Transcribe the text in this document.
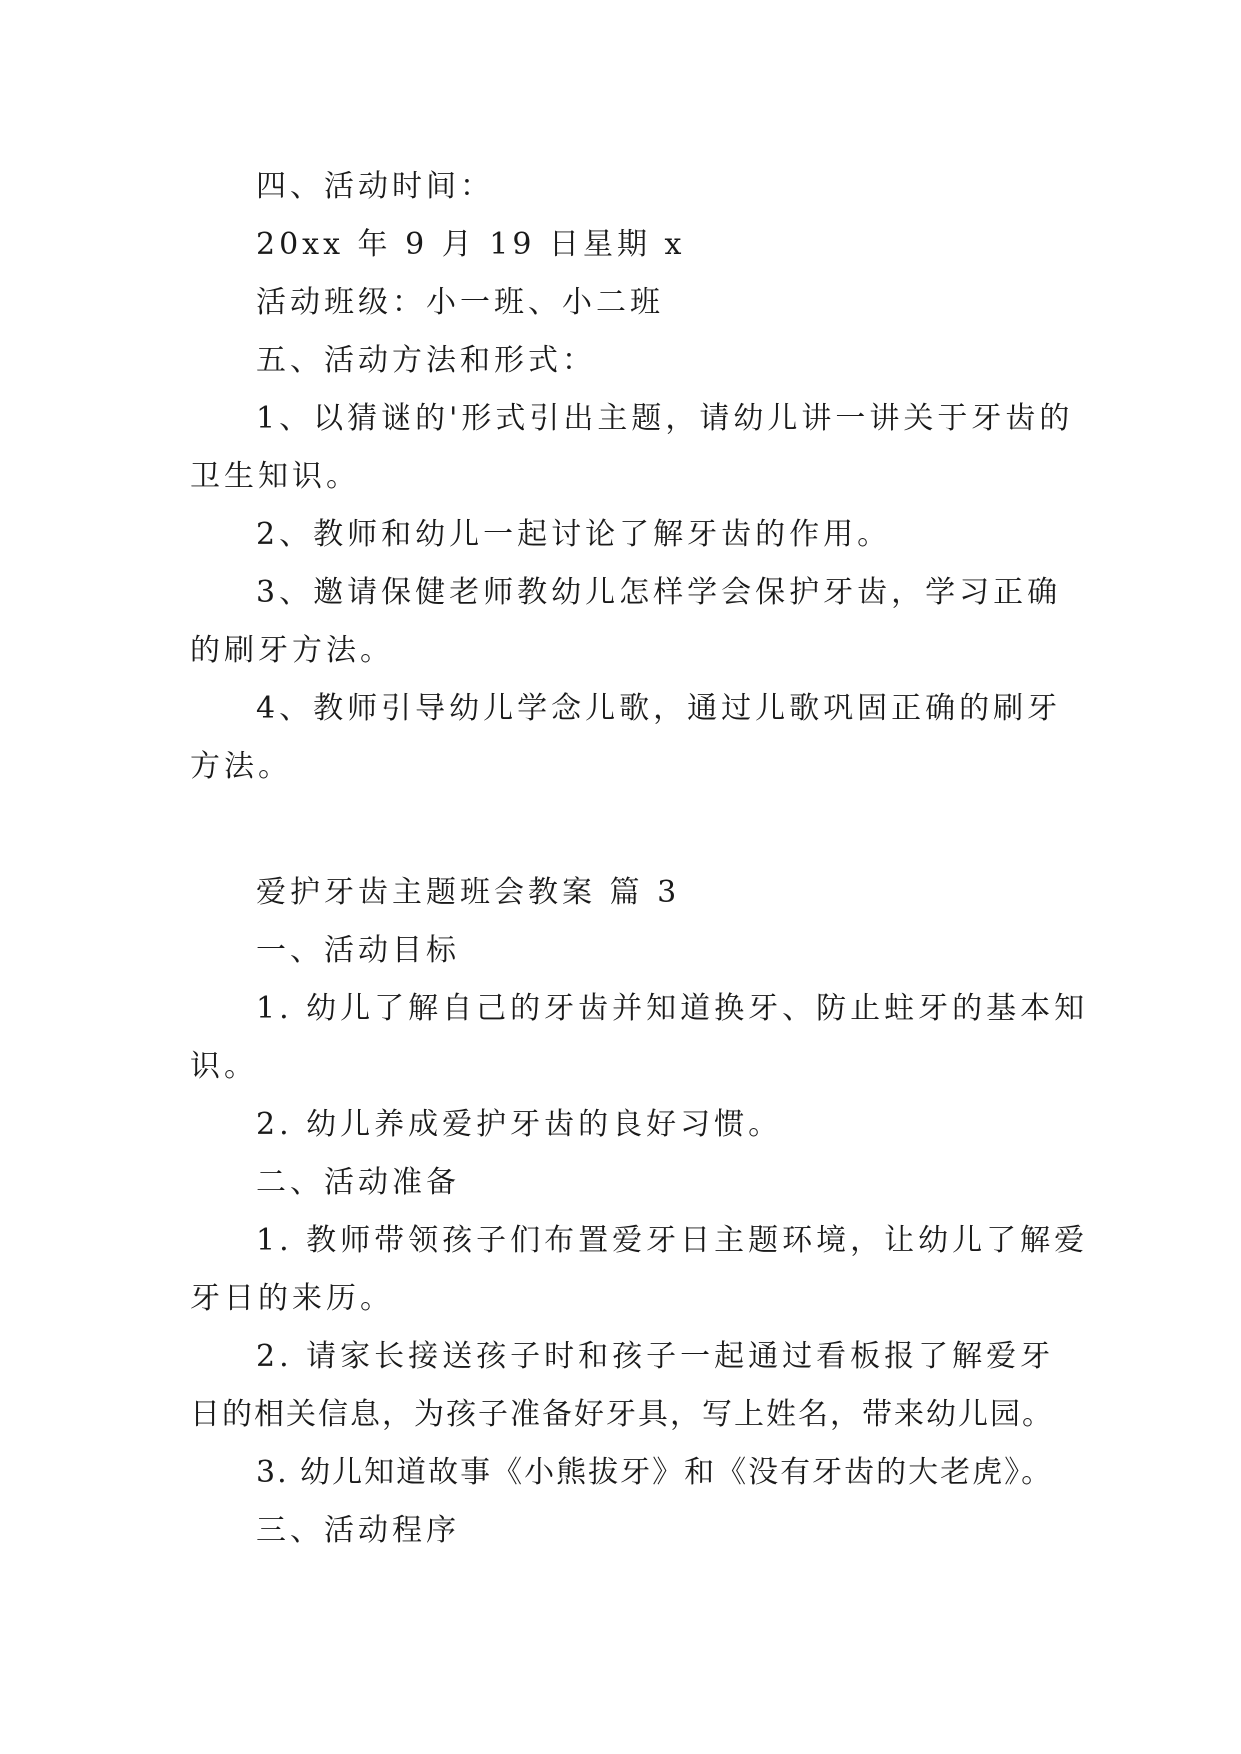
四、活动时间：
20xx 年 9 月 19 日星期 x
活动班级：小一班、小二班
五、活动方法和形式：
1、以猜谜的'形式引出主题，请幼儿讲一讲关于牙齿的
卫生知识。
2、教师和幼儿一起讨论了解牙齿的作用。
3、邀请保健老师教幼儿怎样学会保护牙齿，学习正确
的刷牙方法。
4、教师引导幼儿学念儿歌，通过儿歌巩固正确的刷牙
方法。
爱护牙齿主题班会教案 篇 3
一、活动目标
1. 幼儿了解自己的牙齿并知道换牙、防止蛀牙的基本知
识。
2. 幼儿养成爱护牙齿的良好习惯。
二、活动准备
1. 教师带领孩子们布置爱牙日主题环境，让幼儿了解爱
牙日的来历。
2. 请家长接送孩子时和孩子一起通过看板报了解爱牙
日的相关信息，为孩子准备好牙具，写上姓名，带来幼儿园。
3. 幼儿知道故事《小熊拔牙》和《没有牙齿的大老虎》。
三、活动程序
